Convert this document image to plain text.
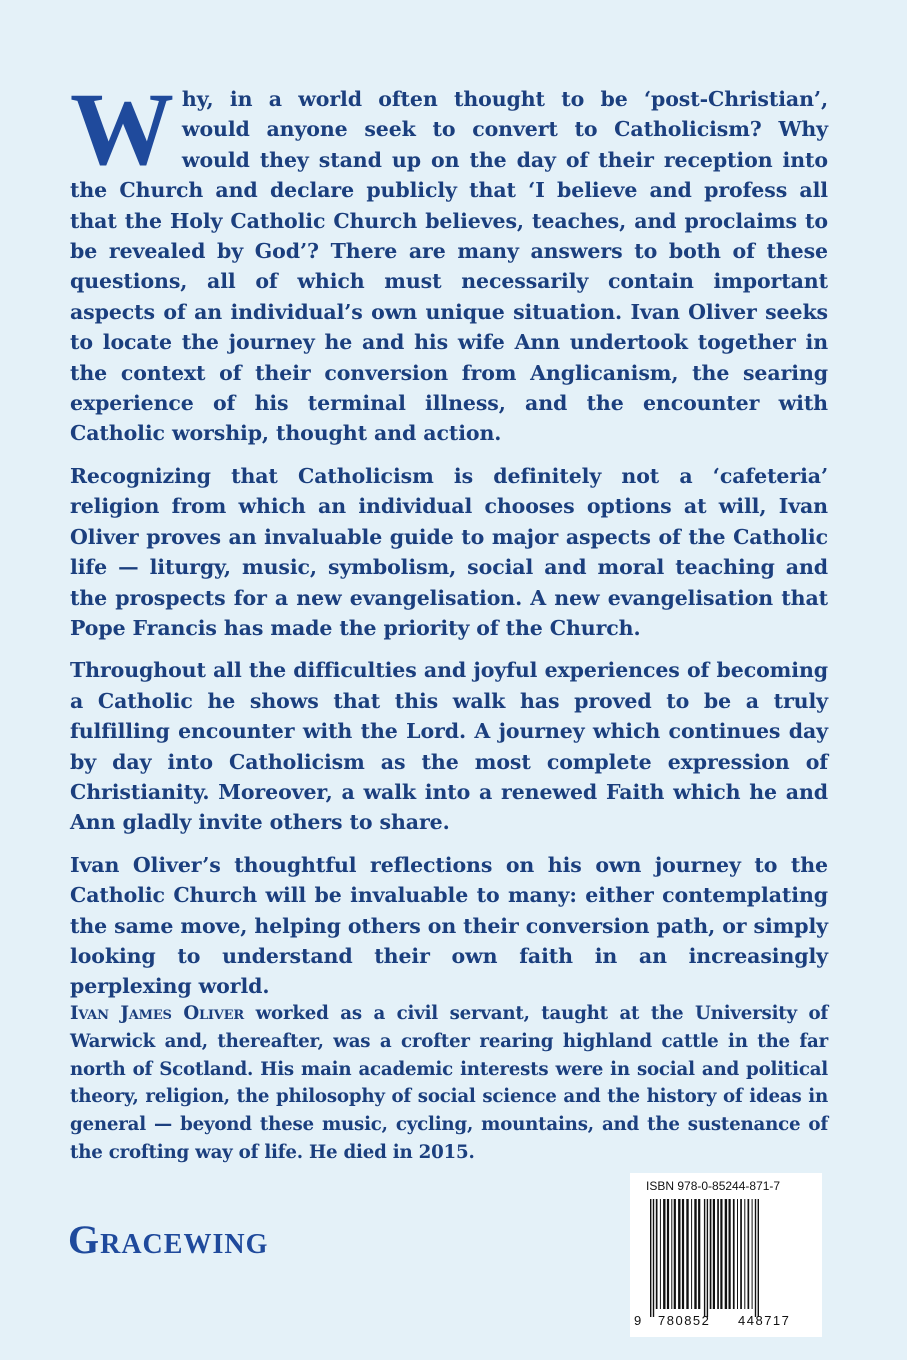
Why, in a world often thought to be ‘post-Christian’, would anyone seek to convert to Catholicism? Why would they stand up on the day of their reception into the Church and declare publicly that ‘I believe and profess all that the Holy Catholic Church believes, teaches, and proclaims to be revealed by God’? There are many answers to both of these questions, all of which must necessarily contain important aspects of an individual’s own unique situation. Ivan Oliver seeks to locate the journey he and his wife Ann undertook together in the context of their conversion from Anglicanism, the searing experience of his terminal illness, and the encounter with Catholic worship, thought and action.

Recognizing that Catholicism is definitely not a ‘cafeteria’ religion from which an individual chooses options at will, Ivan Oliver proves an invaluable guide to major aspects of the Catholic life — liturgy, music, symbolism, social and moral teaching and the prospects for a new evangelisation. A new evangelisation that Pope Francis has made the priority of the Church.

Throughout all the difficulties and joyful experiences of becoming a Catholic he shows that this walk has proved to be a truly fulfilling encounter with the Lord. A journey which continues day by day into Catholicism as the most complete expression of Christianity. Moreover, a walk into a renewed Faith which he and Ann gladly invite others to share.

Ivan Oliver’s thoughtful reflections on his own journey to the Catholic Church will be invaluable to many: either contemplating the same move, helping others on their conversion path, or simply looking to understand their own faith in an increasingly perplexing world.

Ivan James Oliver worked as a civil servant, taught at the University of Warwick and, thereafter, was a crofter rearing highland cattle in the far north of Scotland. His main academic interests were in social and political theory, religion, the philosophy of social science and the history of ideas in general — beyond these music, cycling, mountains, and the sustenance of the crofting way of life. He died in 2015.

Gracewing
ISBN 978-0-85244-871-7
9 780852 448717
